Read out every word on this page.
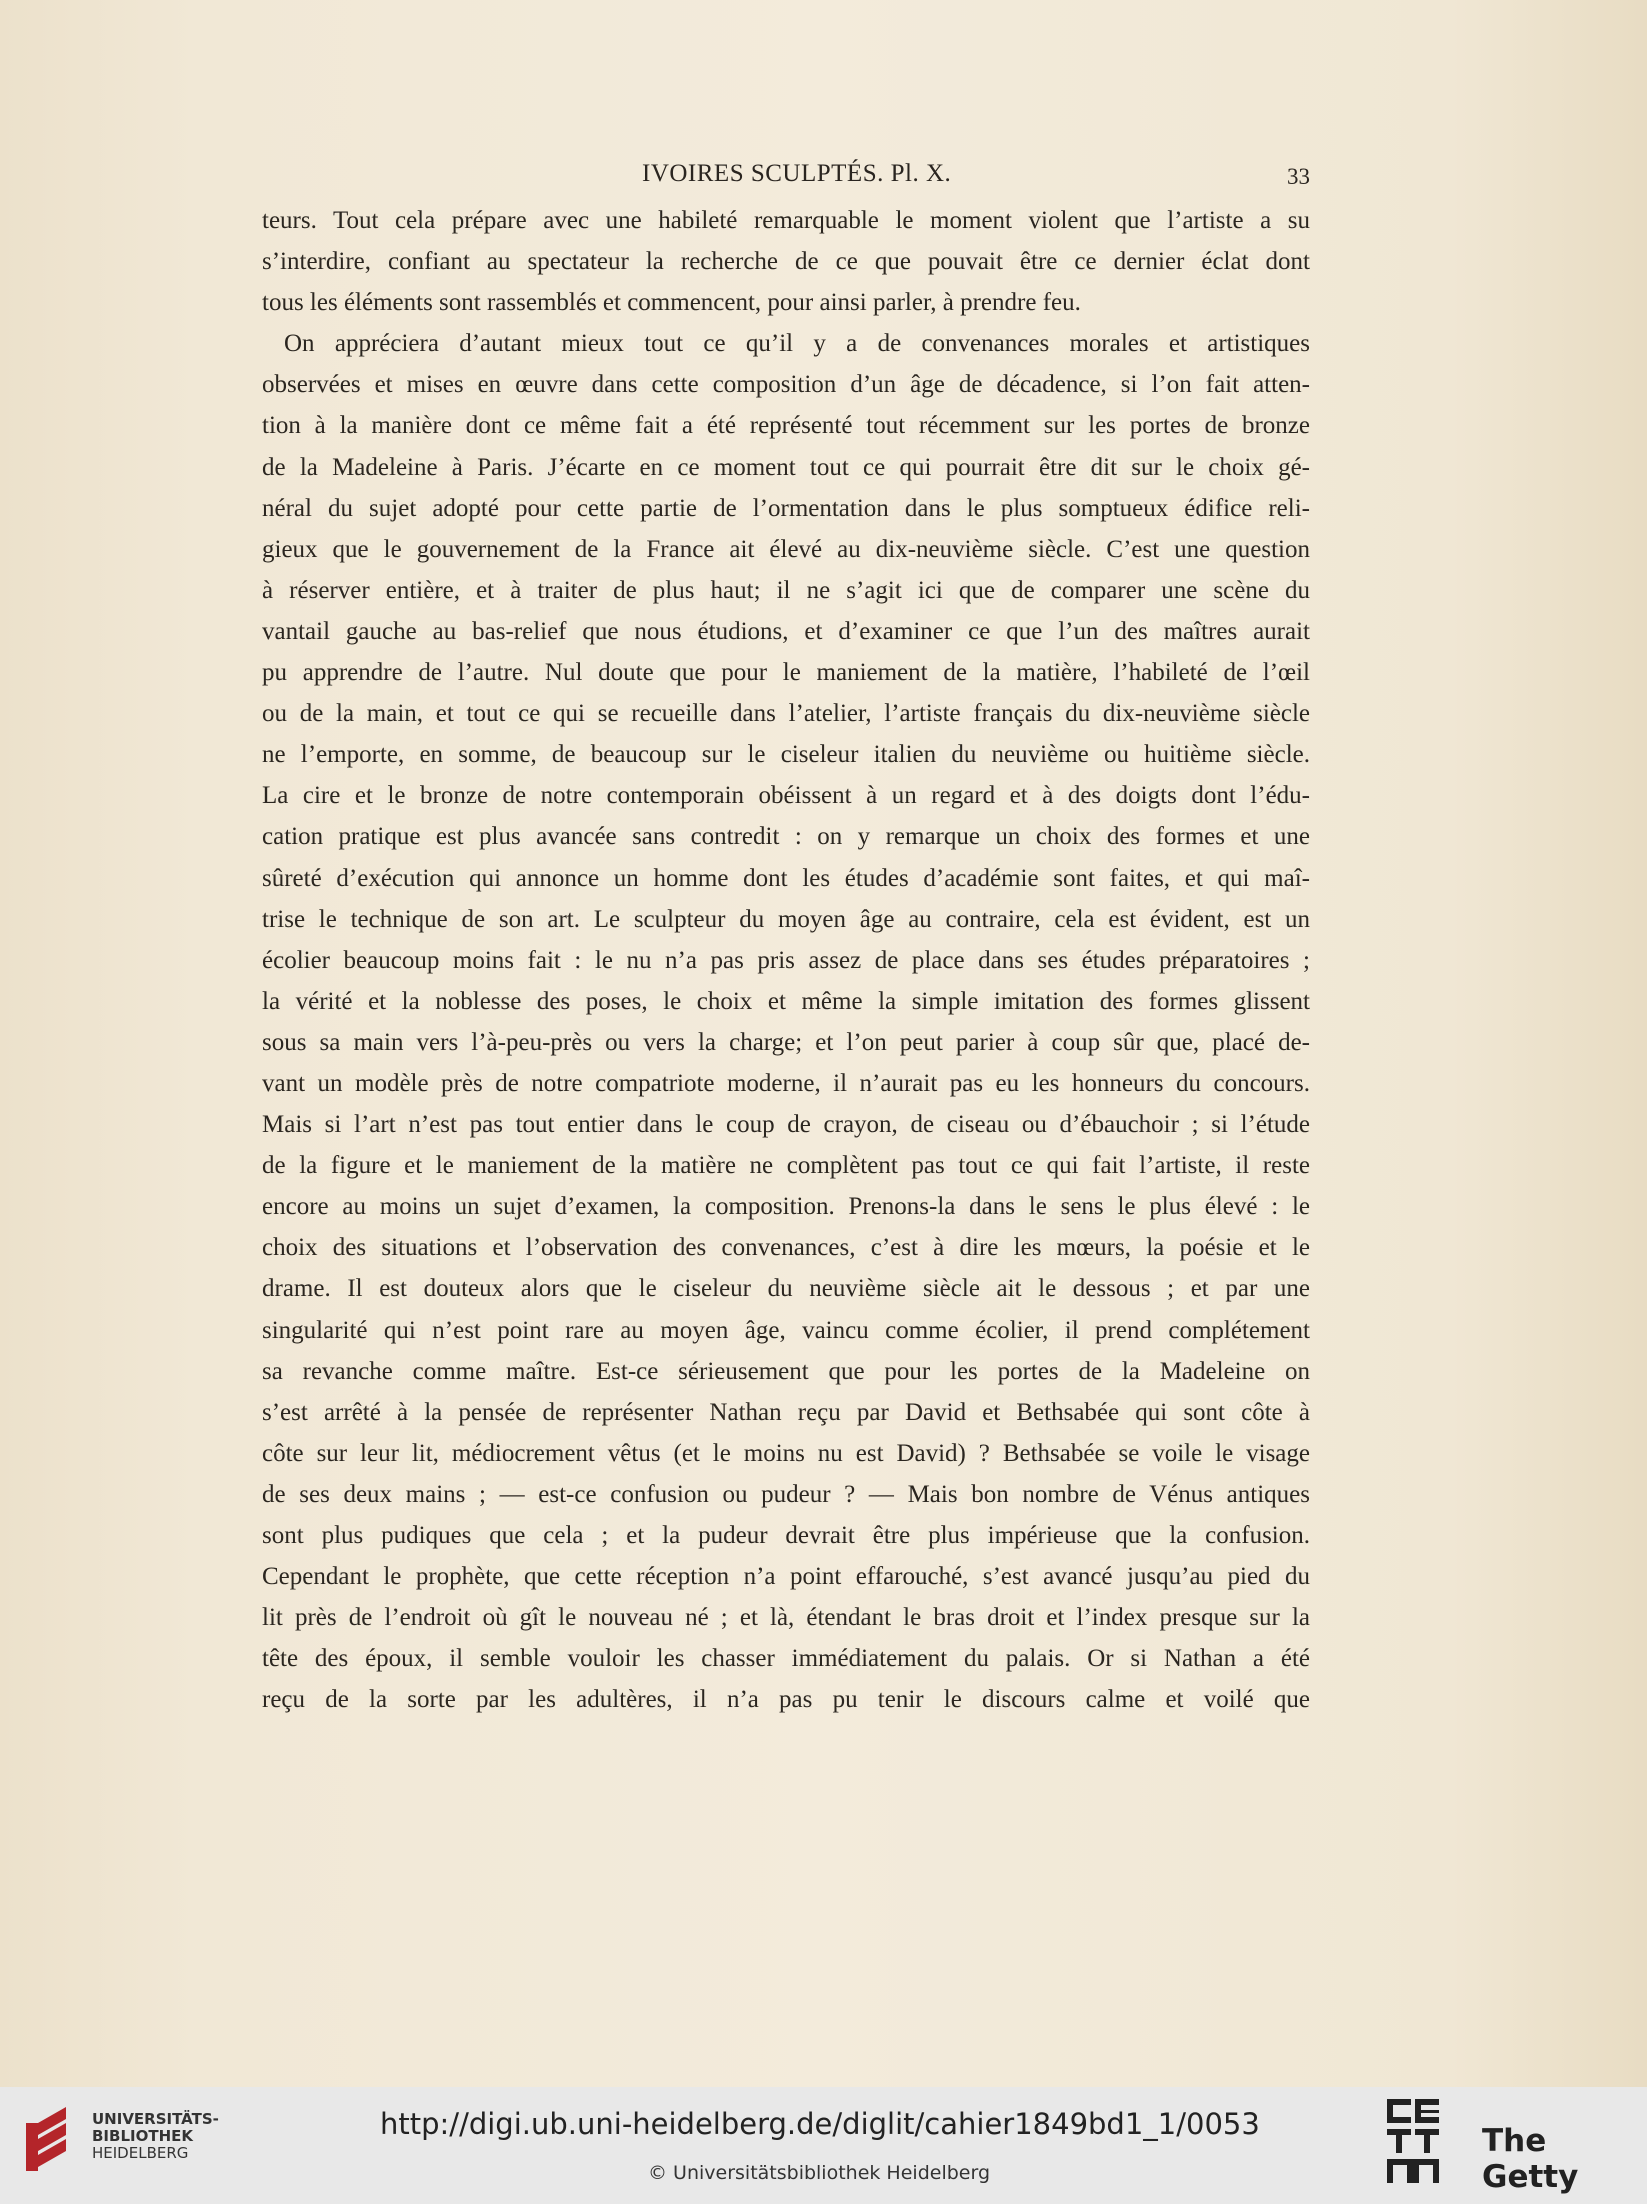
IVOIRES SCULPTÉS. Pl. X.	33
teurs. Tout cela prépare avec une habileté remarquable le moment violent que l’artiste a su
s’interdire, confiant au spectateur la recherche de ce que pouvait être ce dernier éclat dont
tous les éléments sont rassemblés et commencent, pour ainsi parler, à prendre feu.
On appréciera d’autant mieux tout ce qu’il y a de convenances morales et artistiques
observées et mises en œuvre dans cette composition d’un âge de décadence, si l’on fait atten-
tion à la manière dont ce même fait a été représenté tout récemment sur les portes de bronze
de la Madeleine à Paris. J’écarte en ce moment tout ce qui pourrait être dit sur le choix gé-
néral du sujet adopté pour cette partie de l’ormentation dans le plus somptueux édifice reli-
gieux que le gouvernement de la France ait élevé au dix-neuvième siècle. C’est une question
à réserver entière, et à traiter de plus haut; il ne s’agit ici que de comparer une scène du
vantail gauche au bas-relief que nous étudions, et d’examiner ce que l’un des maîtres aurait
pu apprendre de l’autre. Nul doute que pour le maniement de la matière, l’habileté de l’œil
ou de la main, et tout ce qui se recueille dans l’atelier, l’artiste français du dix-neuvième siècle
ne l’emporte, en somme, de beaucoup sur le ciseleur italien du neuvième ou huitième siècle.
La cire et le bronze de notre contemporain obéissent à un regard et à des doigts dont l’édu-
cation pratique est plus avancée sans contredit : on y remarque un choix des formes et une
sûreté d’exécution qui annonce un homme dont les études d’académie sont faites, et qui maî-
trise le technique de son art. Le sculpteur du moyen âge au contraire, cela est évident, est un
écolier beaucoup moins fait : le nu n’a pas pris assez de place dans ses études préparatoires ;
la vérité et la noblesse des poses, le choix et même la simple imitation des formes glissent
sous sa main vers l’à-peu-près ou vers la charge; et l’on peut parier à coup sûr que, placé de-
vant un modèle près de notre compatriote moderne, il n’aurait pas eu les honneurs du concours.
Mais si l’art n’est pas tout entier dans le coup de crayon, de ciseau ou d’ébauchoir ; si l’étude
de la figure et le maniement de la matière ne complètent pas tout ce qui fait l’artiste, il reste
encore au moins un sujet d’examen, la composition. Prenons-la dans le sens le plus élevé : le
choix des situations et l’observation des convenances, c’est à dire les mœurs, la poésie et le
drame. Il est douteux alors que le ciseleur du neuvième siècle ait le dessous ; et par une
singularité qui n’est point rare au moyen âge, vaincu comme écolier, il prend complétement
sa revanche comme maître. Est-ce sérieusement que pour les portes de la Madeleine on
s’est arrêté à la pensée de représenter Nathan reçu par David et Bethsabée qui sont côte à
côte sur leur lit, médiocrement vêtus (et le moins nu est David) ? Bethsabée se voile le visage
de ses deux mains ; — est-ce confusion ou pudeur ? — Mais bon nombre de Vénus antiques
sont plus pudiques que cela ; et la pudeur devrait être plus impérieuse que la confusion.
Cependant le prophète, que cette réception n’a point effarouché, s’est avancé jusqu’au pied du
lit près de l’endroit où gît le nouveau né ; et là, étendant le bras droit et l’index presque sur la
tête des époux, il semble vouloir les chasser immédiatement du palais. Or si Nathan a été
reçu de la sorte par les adultères, il n’a pas pu tenir le discours calme et voilé que
UNIVERSITÄTS-
BIBLIOTHEK
HEIDELBERG
http://digi.ub.uni-heidelberg.de/diglit/cahier1849bd1_1/0053
© Universitätsbibliothek Heidelberg
The Getty
